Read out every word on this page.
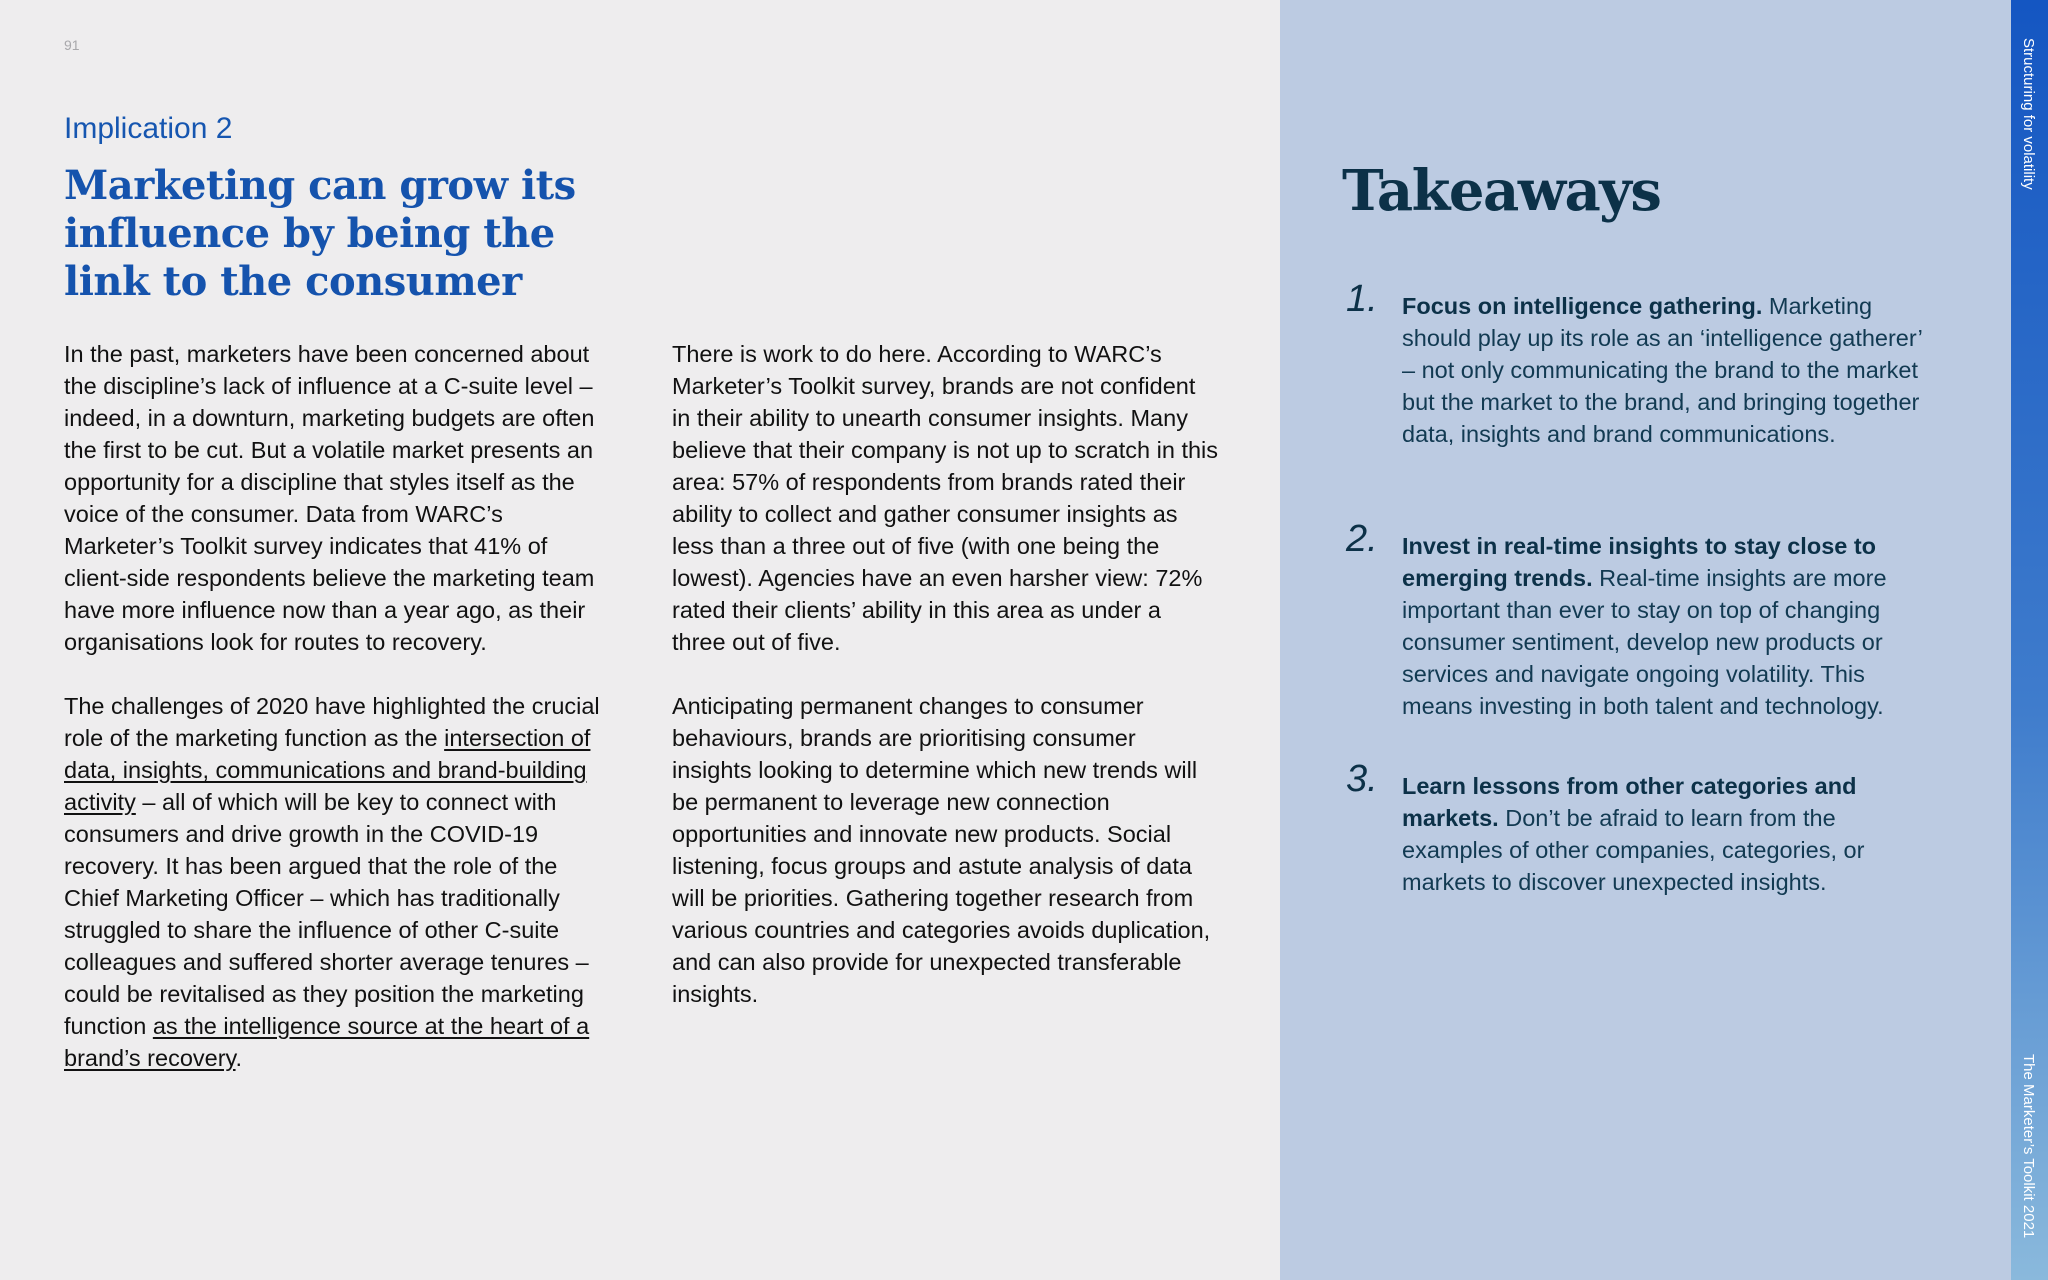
91
Implication 2
Marketing can grow its influence by being the link to the consumer

In the past, marketers have been concerned about the discipline’s lack of influence at a C-suite level – indeed, in a downturn, marketing budgets are often the first to be cut. But a volatile market presents an opportunity for a discipline that styles itself as the voice of the consumer. Data from WARC’s Marketer’s Toolkit survey indicates that 41% of client-side respondents believe the marketing team have more influence now than a year ago, as their organisations look for routes to recovery.

The challenges of 2020 have highlighted the crucial role of the marketing function as the intersection of data, insights, communications and brand-building activity – all of which will be key to connect with consumers and drive growth in the COVID-19 recovery. It has been argued that the role of the Chief Marketing Officer – which has traditionally struggled to share the influence of other C-suite colleagues and suffered shorter average tenures – could be revitalised as they position the marketing function as the intelligence source at the heart of a brand’s recovery.

There is work to do here. According to WARC’s Marketer’s Toolkit survey, brands are not confident in their ability to unearth consumer insights. Many believe that their company is not up to scratch in this area: 57% of respondents from brands rated their ability to collect and gather consumer insights as less than a three out of five (with one being the lowest). Agencies have an even harsher view: 72% rated their clients’ ability in this area as under a three out of five.

Anticipating permanent changes to consumer behaviours, brands are prioritising consumer insights looking to determine which new trends will be permanent to leverage new connection opportunities and innovate new products. Social listening, focus groups and astute analysis of data will be priorities. Gathering together research from various countries and categories avoids duplication, and can also provide for unexpected transferable insights.

Takeaways
1. Focus on intelligence gathering. Marketing should play up its role as an ‘intelligence gatherer’ – not only communicating the brand to the market but the market to the brand, and bringing together data, insights and brand communications.
2. Invest in real-time insights to stay close to emerging trends. Real-time insights are more important than ever to stay on top of changing consumer sentiment, develop new products or services and navigate ongoing volatility. This means investing in both talent and technology.
3. Learn lessons from other categories and markets. Don’t be afraid to learn from the examples of other companies, categories, or markets to discover unexpected insights.
Structuring for volatility
The Marketer’s Toolkit 2021
